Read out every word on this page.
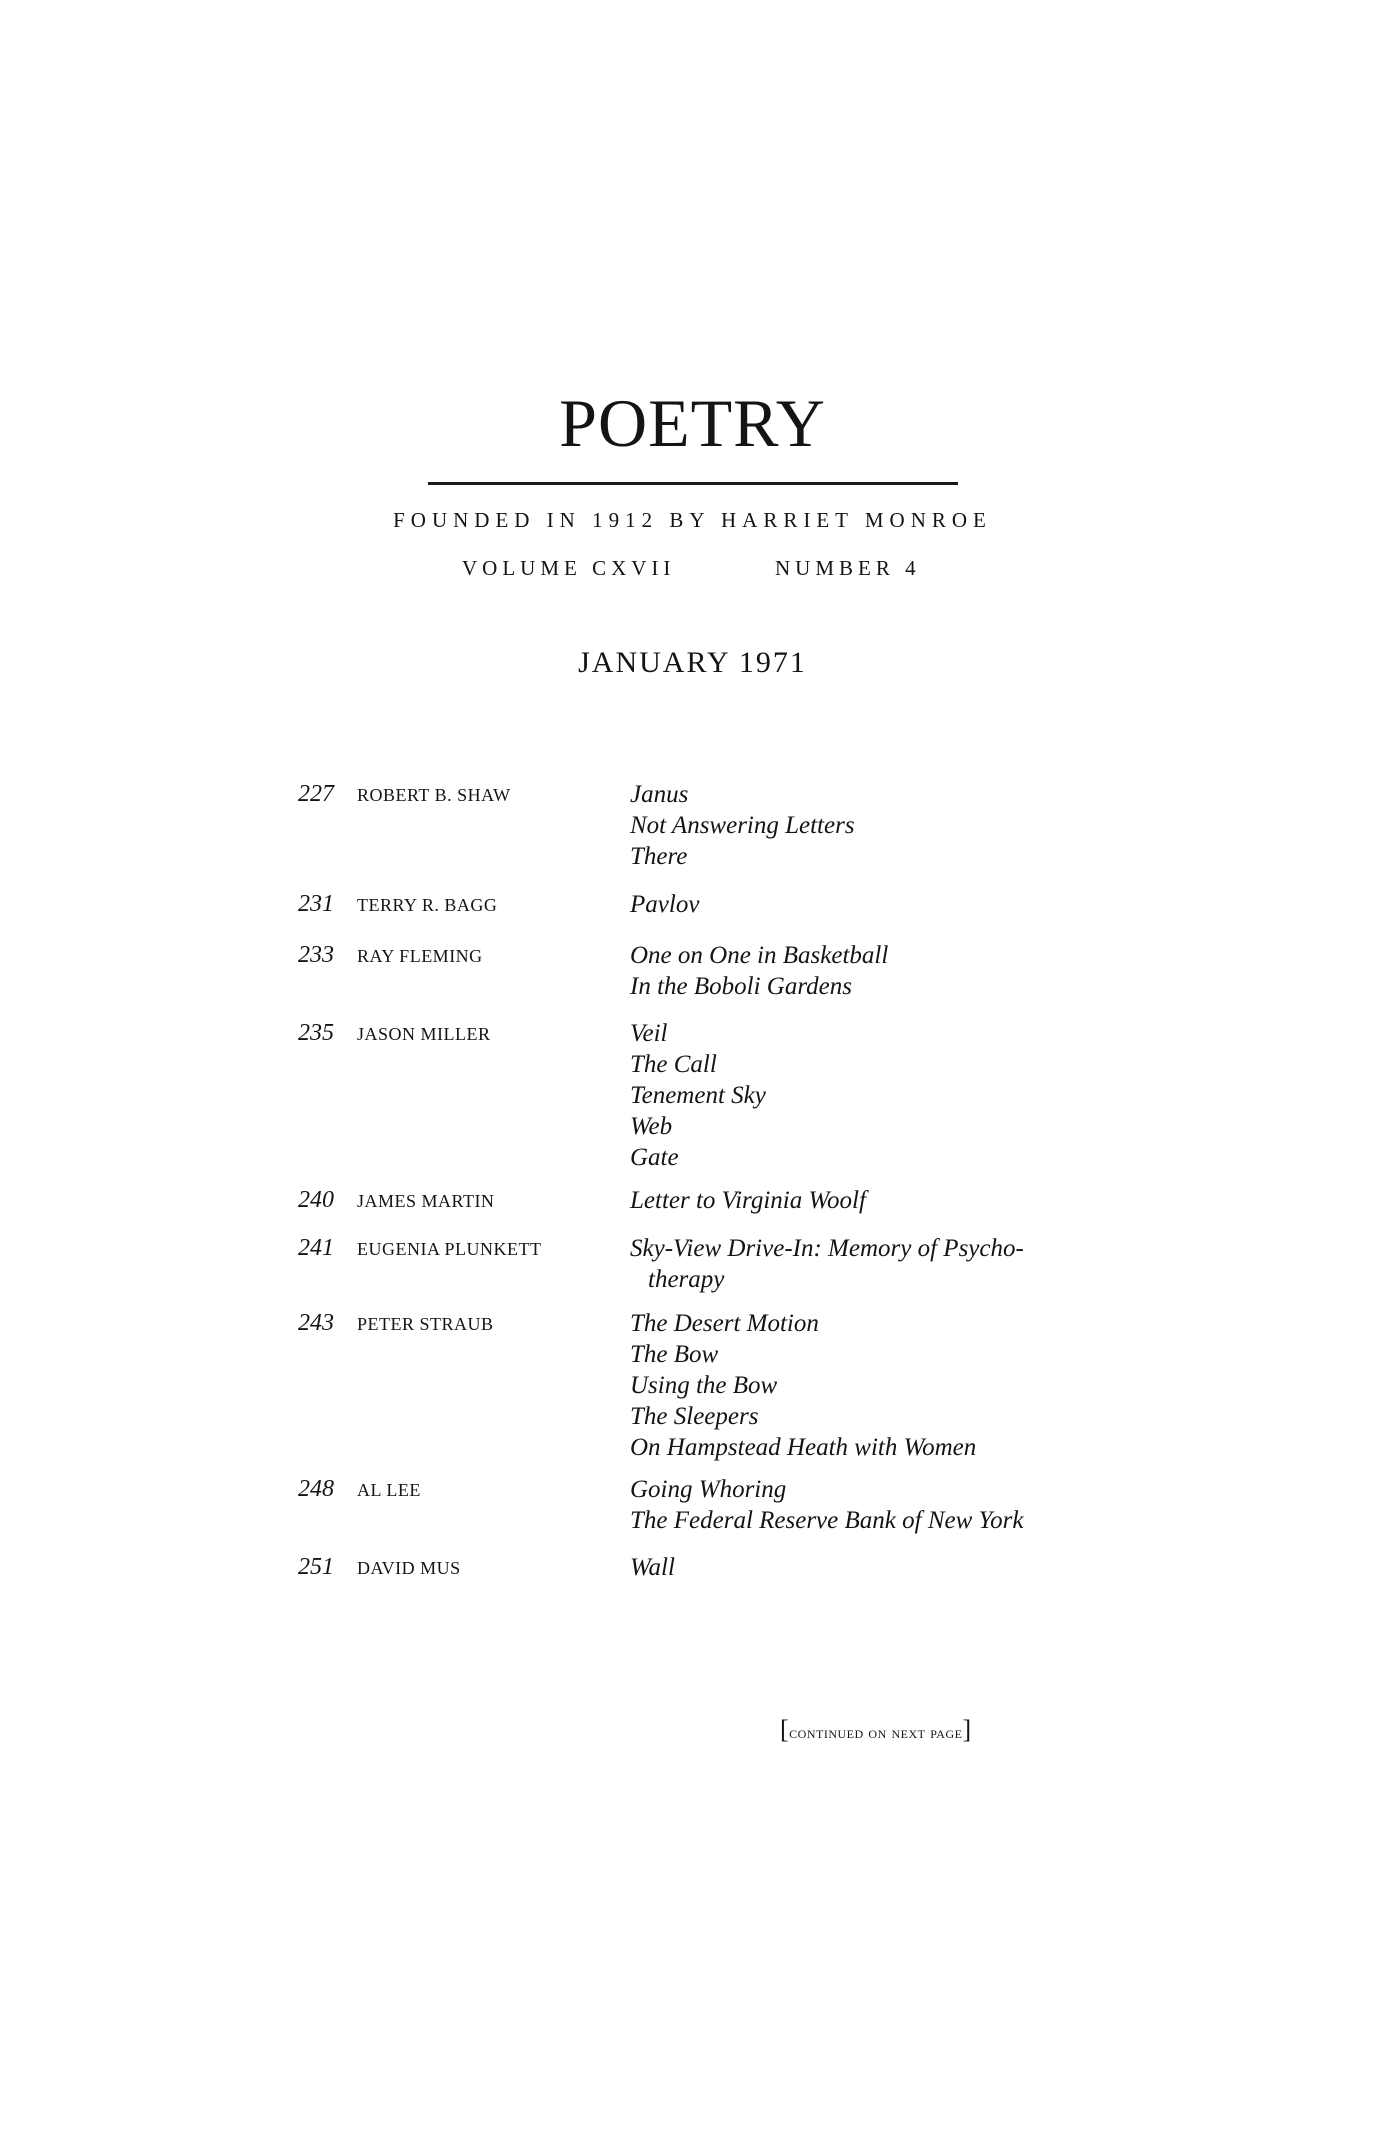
POETRY
FOUNDED IN 1912 BY HARRIET MONROE
VOLUME CXVII	NUMBER 4
JANUARY 1971
227 ROBERT B. SHAW	Janus
Not Answering Letters
There
231 TERRY R. BAGG	Pavlov
233 RAY FLEMING	One on One in Basketball
In the Boboli Gardens
235 JASON MILLER	Veil
The Call
Tenement Sky
Web
Gate
240 JAMES MARTIN	Letter to Virginia Woolf
241 EUGENIA PLUNKETT	Sky-View Drive-In: Memory of Psycho-
therapy
243 PETER STRAUB	The Desert Motion
The Bow
Using the Bow
The Sleepers
On Hampstead Heath with Women
248 AL LEE	Going Whoring
The Federal Reserve Bank of New York
251 DAVID MUS	Wall
[continued on next page]
